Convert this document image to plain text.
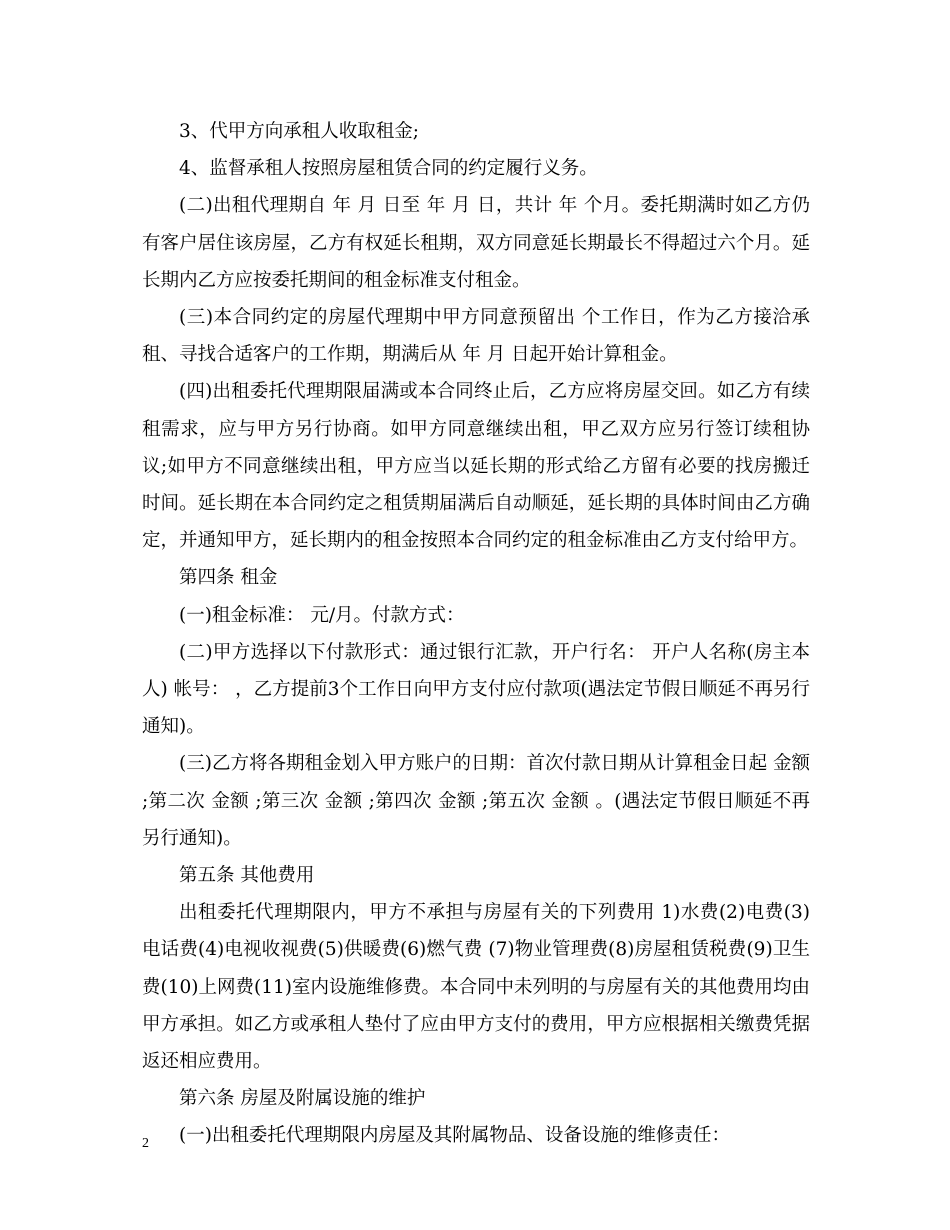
3、代甲方向承租人收取租金;

4、监督承租人按照房屋租赁合同的约定履行义务。

(二)出租代理期自 年 月 日至 年 月 日，共计 年 个月。委托期满时如乙方仍有客户居住该房屋，乙方有权延长租期，双方同意延长期最长不得超过六个月。延长期内乙方应按委托期间的租金标准支付租金。

(三)本合同约定的房屋代理期中甲方同意预留出 个工作日，作为乙方接洽承租、寻找合适客户的工作期，期满后从 年 月 日起开始计算租金。

(四)出租委托代理期限届满或本合同终止后，乙方应将房屋交回。如乙方有续租需求，应与甲方另行协商。如甲方同意继续出租，甲乙双方应另行签订续租协议;如甲方不同意继续出租，甲方应当以延长期的形式给乙方留有必要的找房搬迁时间。延长期在本合同约定之租赁期届满后自动顺延，延长期的具体时间由乙方确定，并通知甲方，延长期内的租金按照本合同约定的租金标准由乙方支付给甲方。

第四条 租金

(一)租金标准： 元/月。付款方式：

(二)甲方选择以下付款形式：通过银行汇款，开户行名： 开户人名称(房主本人) 帐号： ，乙方提前3个工作日向甲方支付应付款项(遇法定节假日顺延不再另行通知)。

(三)乙方将各期租金划入甲方账户的日期：首次付款日期从计算租金日起 金额 ;第二次 金额 ;第三次 金额 ;第四次 金额 ;第五次 金额 。(遇法定节假日顺延不再另行通知)。

第五条 其他费用

出租委托代理期限内，甲方不承担与房屋有关的下列费用 1)水费(2)电费(3)电话费(4)电视收视费(5)供暖费(6)燃气费 (7)物业管理费(8)房屋租赁税费(9)卫生费(10)上网费(11)室内设施维修费。本合同中未列明的与房屋有关的其他费用均由甲方承担。如乙方或承租人垫付了应由甲方支付的费用，甲方应根据相关缴费凭据返还相应费用。

第六条 房屋及附属设施的维护

(一)出租委托代理期限内房屋及其附属物品、设备设施的维修责任：

2
